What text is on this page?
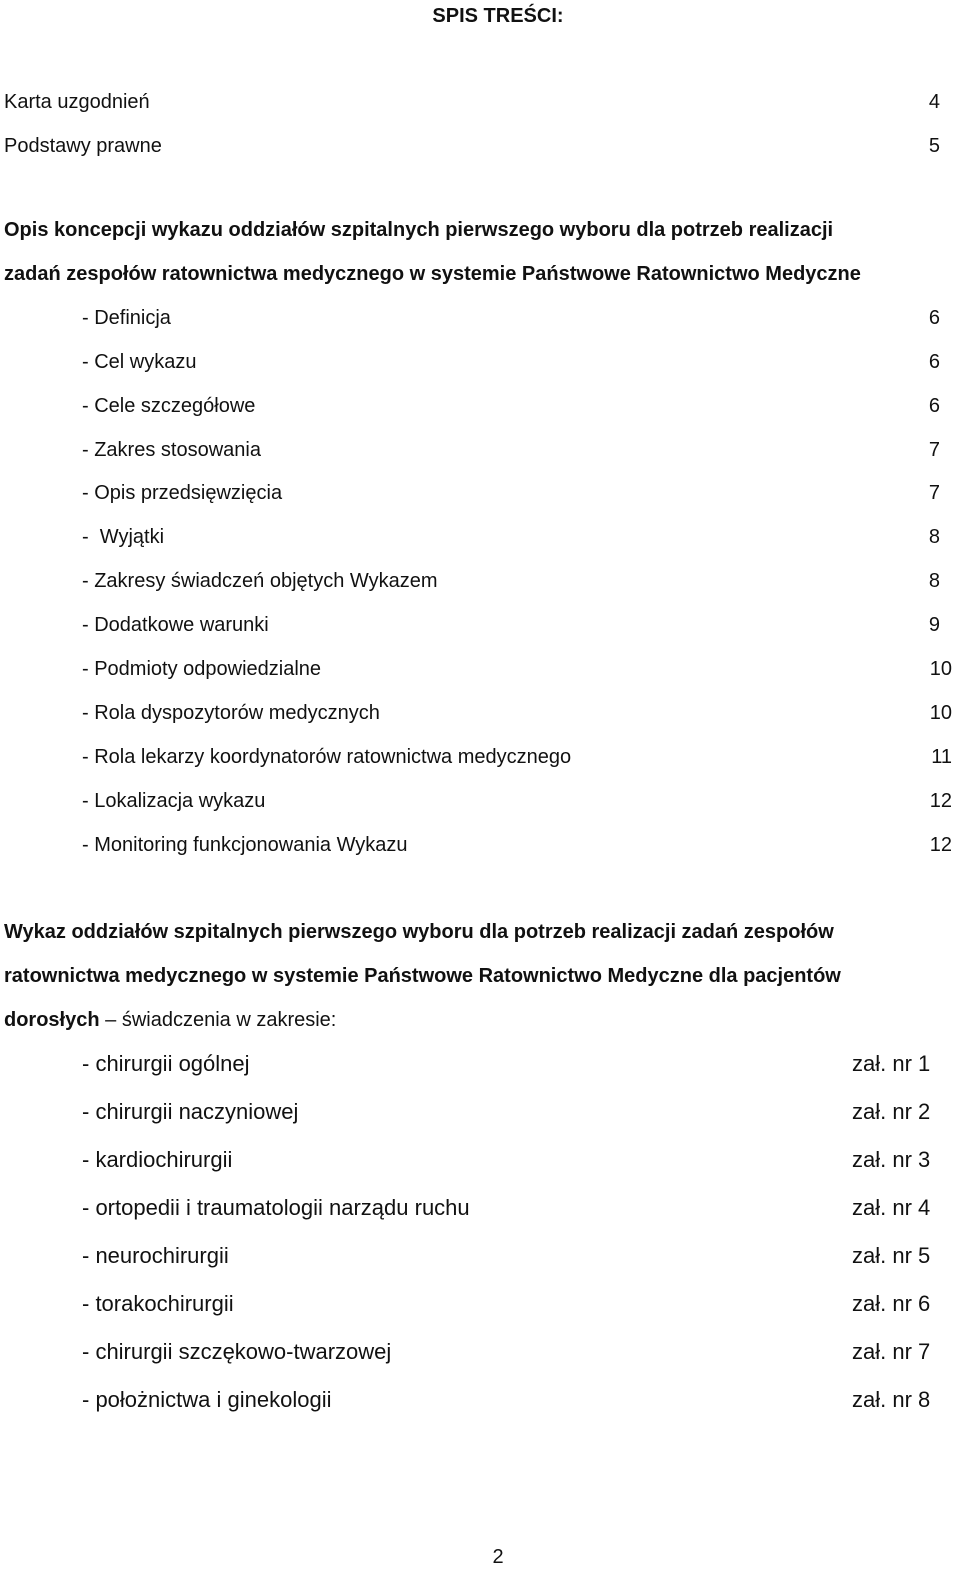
SPIS TREŚCI:
Karta uzgodnień	4
Podstawy prawne	5
Opis koncepcji wykazu oddziałów szpitalnych pierwszego wyboru dla potrzeb realizacji
zadań zespołów ratownictwa medycznego w systemie Państwowe Ratownictwo Medyczne
- Definicja	6
- Cel wykazu	6
- Cele szczegółowe	6
- Zakres stosowania	7
- Opis przedsięwzięcia	7
-  Wyjątki	8
- Zakresy świadczeń objętych Wykazem	8
- Dodatkowe warunki	9
- Podmioty odpowiedzialne	10
- Rola dyspozytorów medycznych	10
- Rola lekarzy koordynatorów ratownictwa medycznego	11
- Lokalizacja wykazu	12
- Monitoring funkcjonowania Wykazu	12
Wykaz oddziałów szpitalnych pierwszego wyboru dla potrzeb realizacji zadań zespołów
ratownictwa medycznego w systemie Państwowe Ratownictwo Medyczne dla pacjentów
dorosłych – świadczenia w zakresie:
- chirurgii ogólnej	zał. nr 1
- chirurgii naczyniowej	zał. nr 2
- kardiochirurgii	zał. nr 3
- ortopedii i traumatologii narządu ruchu	zał. nr 4
- neurochirurgii	zał. nr 5
- torakochirurgii	zał. nr 6
- chirurgii szczękowo-twarzowej	zał. nr 7
- położnictwa i ginekologii	zał. nr 8
2
